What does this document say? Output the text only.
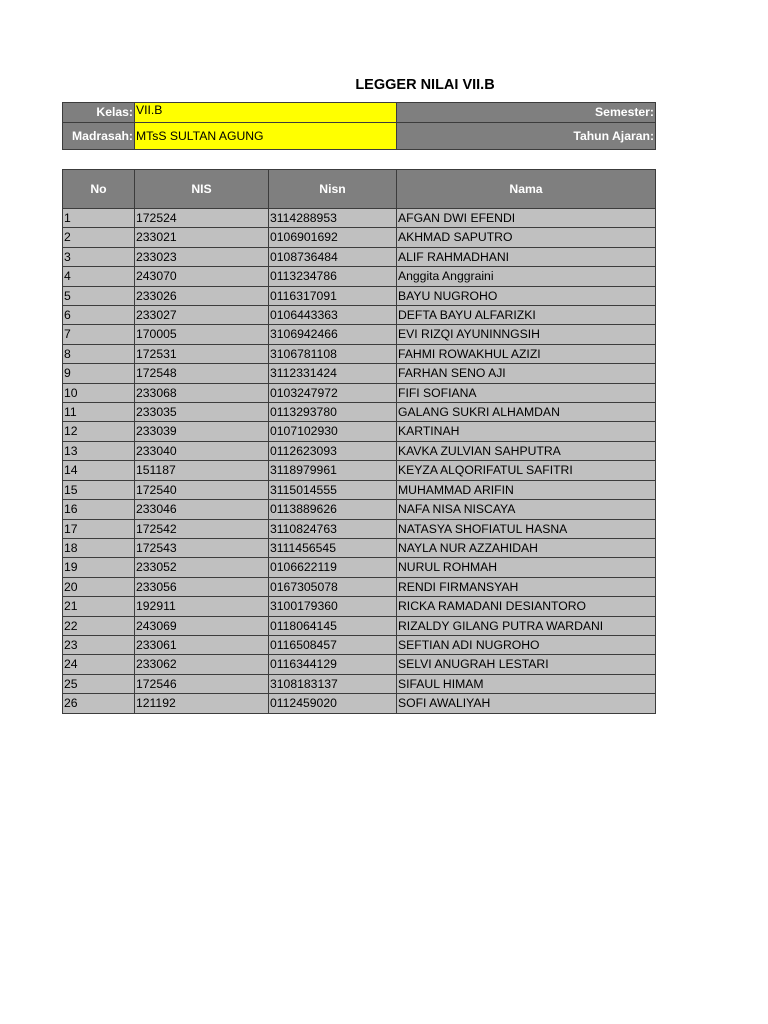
LEGGER NILAI VII.B
Kelas:	VII.B	Semester:
Madrasah:	MTsS SULTAN AGUNG	Tahun Ajaran:
No	NIS	Nisn	Nama
1	172524	3114288953	AFGAN DWI EFENDI
2	233021	0106901692	AKHMAD SAPUTRO
3	233023	0108736484	ALIF RAHMADHANI
4	243070	0113234786	Anggita Anggraini
5	233026	0116317091	BAYU NUGROHO
6	233027	0106443363	DEFTA BAYU ALFARIZKI
7	170005	3106942466	EVI RIZQI AYUNINNGSIH
8	172531	3106781108	FAHMI ROWAKHUL AZIZI
9	172548	3112331424	FARHAN SENO AJI
10	233068	0103247972	FIFI SOFIANA
11	233035	0113293780	GALANG SUKRI ALHAMDAN
12	233039	0107102930	KARTINAH
13	233040	0112623093	KAVKA ZULVIAN SAHPUTRA
14	151187	3118979961	KEYZA ALQORIFATUL SAFITRI
15	172540	3115014555	MUHAMMAD ARIFIN
16	233046	0113889626	NAFA NISA NISCAYA
17	172542	3110824763	NATASYA SHOFIATUL HASNA
18	172543	3111456545	NAYLA NUR AZZAHIDAH
19	233052	0106622119	NURUL ROHMAH
20	233056	0167305078	RENDI FIRMANSYAH
21	192911	3100179360	RICKA RAMADANI DESIANTORO
22	243069	0118064145	RIZALDY GILANG PUTRA WARDANI
23	233061	0116508457	SEFTIAN ADI NUGROHO
24	233062	0116344129	SELVI ANUGRAH LESTARI
25	172546	3108183137	SIFAUL HIMAM
26	121192	0112459020	SOFI AWALIYAH
